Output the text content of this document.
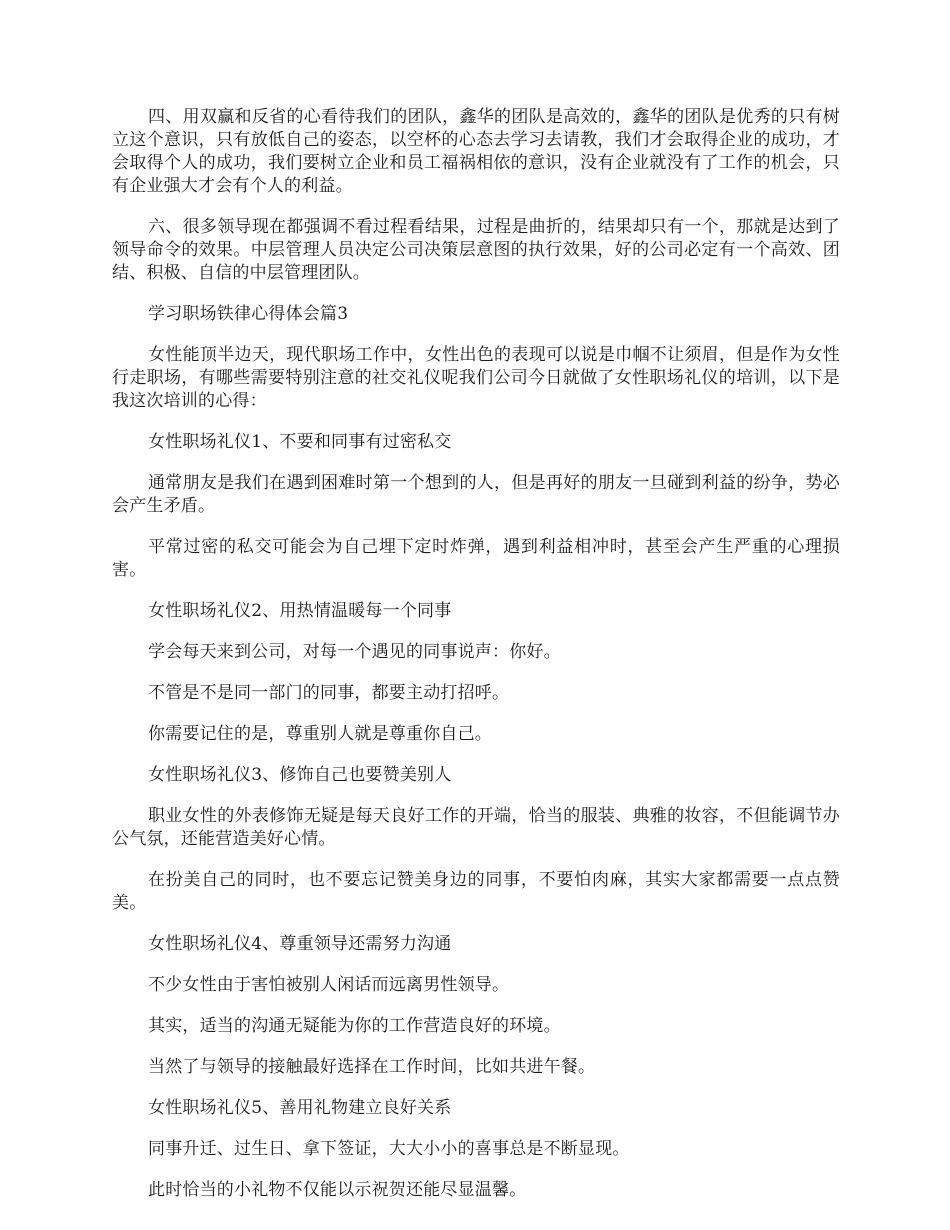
四、用双赢和反省的心看待我们的团队，鑫华的团队是高效的，鑫华的团队是优秀的只有树立这个意识，只有放低自己的姿态，以空杯的心态去学习去请教，我们才会取得企业的成功，才会取得个人的成功，我们要树立企业和员工福祸相依的意识，没有企业就没有了工作的机会，只有企业强大才会有个人的利益。

六、很多领导现在都强调不看过程看结果，过程是曲折的，结果却只有一个，那就是达到了领导命令的效果。中层管理人员决定公司决策层意图的执行效果，好的公司必定有一个高效、团结、积极、自信的中层管理团队。

学习职场铁律心得体会篇3

女性能顶半边天，现代职场工作中，女性出色的表现可以说是巾帼不让须眉，但是作为女性行走职场，有哪些需要特别注意的社交礼仪呢我们公司今日就做了女性职场礼仪的培训，以下是我这次培训的心得：

女性职场礼仪1、不要和同事有过密私交

通常朋友是我们在遇到困难时第一个想到的人，但是再好的朋友一旦碰到利益的纷争，势必会产生矛盾。

平常过密的私交可能会为自己埋下定时炸弹，遇到利益相冲时，甚至会产生严重的心理损害。

女性职场礼仪2、用热情温暖每一个同事

学会每天来到公司，对每一个遇见的同事说声：你好。

不管是不是同一部门的同事，都要主动打招呼。

你需要记住的是，尊重别人就是尊重你自己。

女性职场礼仪3、修饰自己也要赞美别人

职业女性的外表修饰无疑是每天良好工作的开端，恰当的服装、典雅的妆容，不但能调节办公气氛，还能营造美好心情。

在扮美自己的同时，也不要忘记赞美身边的同事，不要怕肉麻，其实大家都需要一点点赞美。

女性职场礼仪4、尊重领导还需努力沟通

不少女性由于害怕被别人闲话而远离男性领导。

其实，适当的沟通无疑能为你的工作营造良好的环境。

当然了与领导的接触最好选择在工作时间，比如共进午餐。

女性职场礼仪5、善用礼物建立良好关系

同事升迁、过生日、拿下签证，大大小小的喜事总是不断显现。

此时恰当的小礼物不仅能以示祝贺还能尽显温馨。
